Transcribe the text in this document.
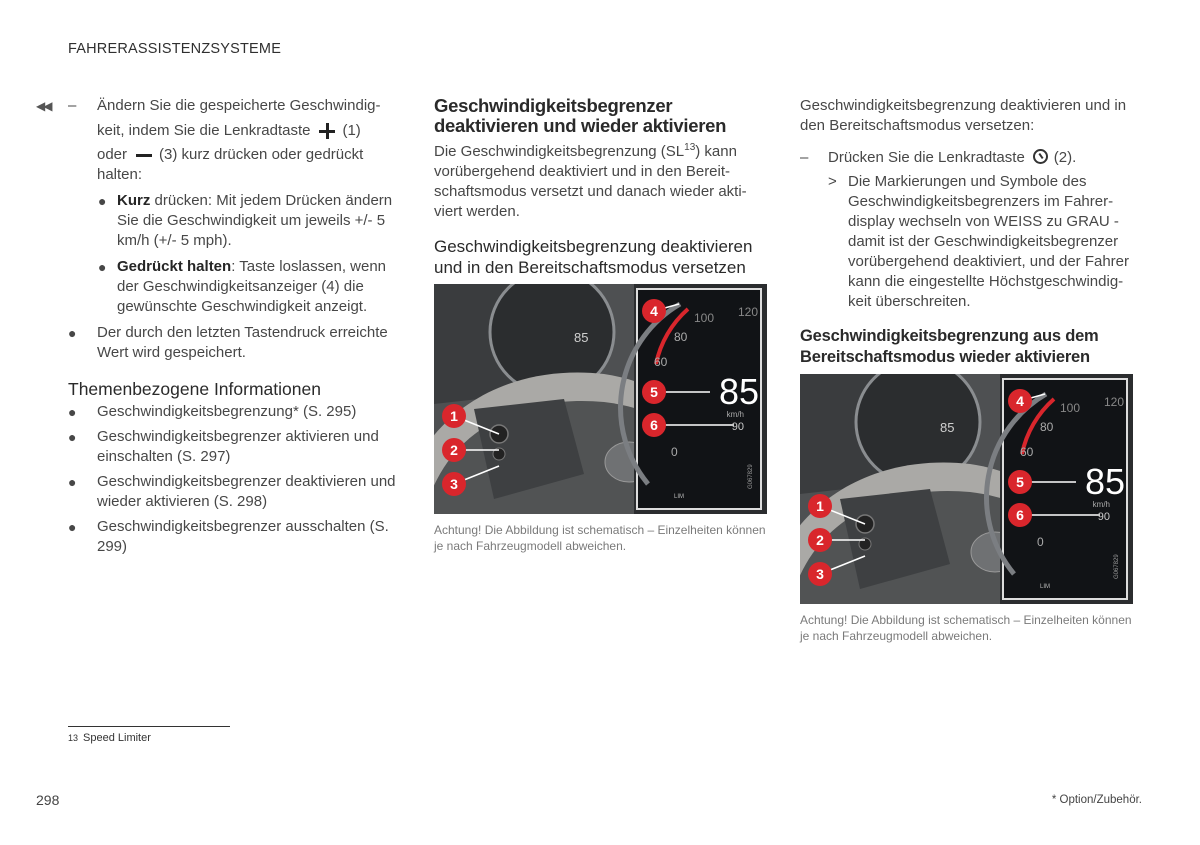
FAHRERASSISTENZSYSTEME
◀◀ – Ändern Sie die gespeicherte Geschwindig-
keit, indem Sie die Lenkradtaste (1)
oder (3) kurz drücken oder gedrückt
halten:
● Kurz drücken: Mit jedem Drücken ändern Sie die Geschwindigkeit um jeweils +/- 5 km/h (+/- 5 mph).
● Gedrückt halten: Taste loslassen, wenn der Geschwindigkeitsanzeiger (4) die gewünschte Geschwindigkeit anzeigt.
● Der durch den letzten Tastendruck erreichte Wert wird gespeichert.
Themenbezogene Informationen
● Geschwindigkeitsbegrenzung* (S. 295)
● Geschwindigkeitsbegrenzer aktivieren und einschalten (S. 297)
● Geschwindigkeitsbegrenzer deaktivieren und wieder aktivieren (S. 298)
● Geschwindigkeitsbegrenzer ausschalten (S. 299)
Geschwindigkeitsbegrenzer deaktivieren und wieder aktivieren
Die Geschwindigkeitsbegrenzung (SL$^{13}$) kann vorübergehend deaktiviert und in den Bereit-schaftsmodus versetzt und danach wieder akti-viert werden.
Geschwindigkeitsbegrenzung deaktivieren und in den Bereitschaftsmodus versetzen
1
2
3
4
5
6
120
100
80
60
0
85
km/h
90
85
LIM
G067829
Achtung! Die Abbildung ist schematisch – Einzelheiten können je nach Fahrzeugmodell abweichen.
Geschwindigkeitsbegrenzung deaktivieren und in den Bereitschaftsmodus versetzen:
– Drücken Sie die Lenkradtaste (2).
> Die Markierungen und Symbole des Geschwindigkeitsbegrenzers im Fahrer-display wechseln von WEISS zu GRAU - damit ist der Geschwindigkeitsbegrenzer vorübergehend deaktiviert, und der Fahrer kann die eingestellte Höchstgeschwindig-keit überschreiten.
Geschwindigkeitsbegrenzung aus dem Bereitschaftsmodus wieder aktivieren
1
2
3
4
5
6
120
100
80
60
0
85
km/h
90
85
LIM
G067829
Achtung! Die Abbildung ist schematisch – Einzelheiten können je nach Fahrzeugmodell abweichen.
13 Speed Limiter
298	* Option/Zubehör.
